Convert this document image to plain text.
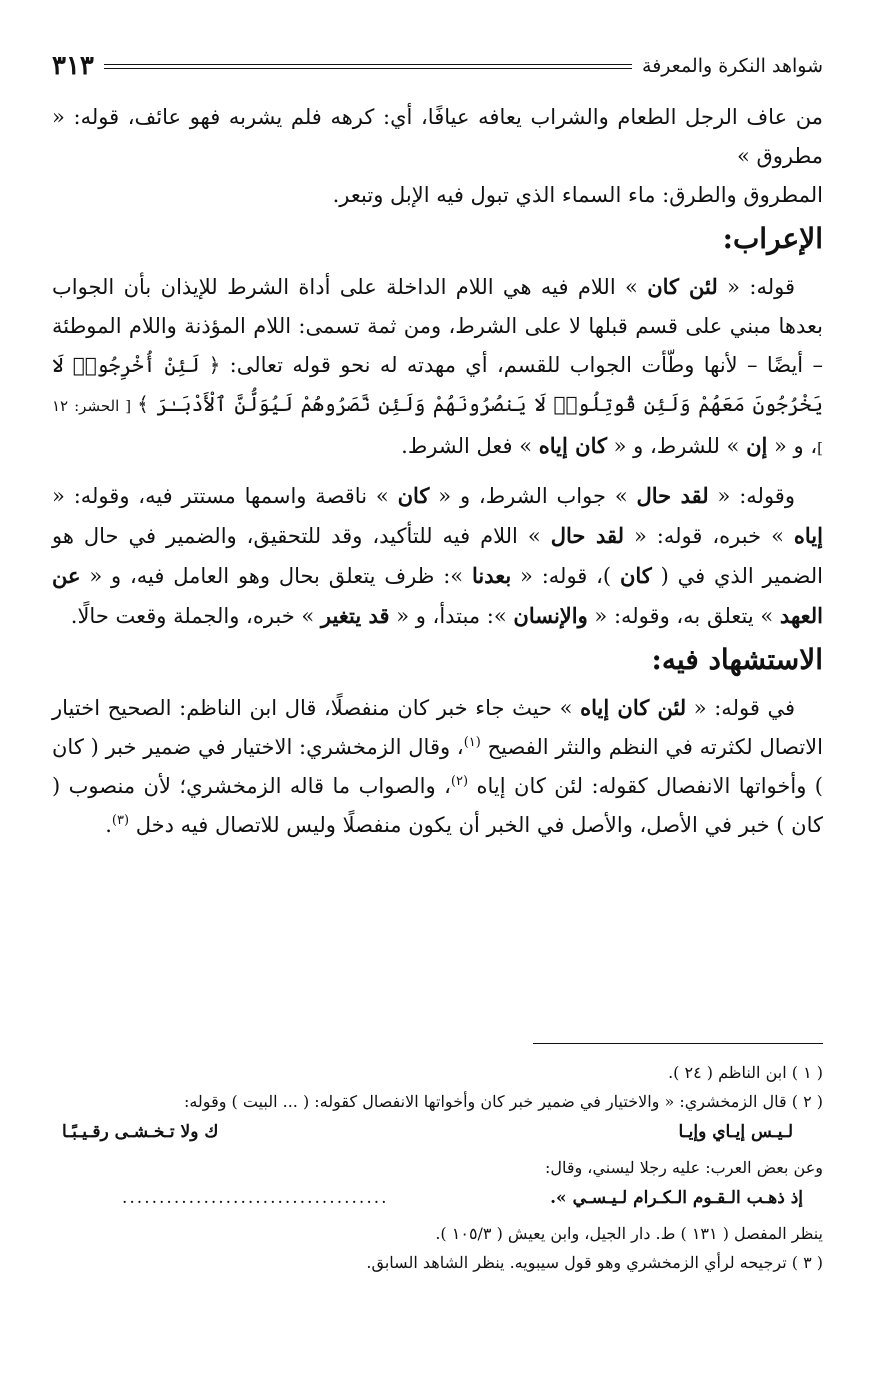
شواهد النكرة والمعرفة
٣١٣

من عاف الرجل الطعام والشراب يعافه عيافًا، أي: كرهه فلم يشربه فهو عائف، قوله: « مطروق »

المطروق والطرق: ماء السماء الذي تبول فيه الإبل وتبعر.

الإعراب:

قوله: « لئن كان » اللام فيه هي اللام الداخلة على أداة الشرط للإيذان بأن الجواب بعدها مبني على قسم قبلها لا على الشرط، ومن ثمة تسمى: اللام المؤذنة واللام الموطئة – أيضًا – لأنها وطّأت الجواب للقسم، أي مهدته له نحو قوله تعالى: ﴿ لَئِنْ أُخْرِجُوا۟ لَا يَخْرُجُونَ مَعَهُمْ وَلَئِن قُوتِلُوا۟ لَا يَنصُرُونَهُمْ وَلَئِن نَّصَرُوهُمْ لَيُوَلُّنَّ ٱلْأَدْبَـٰرَ ﴾ [ الحشر: ١٢ ]، و « إن » للشرط، و « كان إياه » فعل الشرط.

وقوله: « لقد حال » جواب الشرط، و « كان » ناقصة واسمها مستتر فيه، وقوله: « إياه » خبره، قوله: « لقد حال » اللام فيه للتأكيد، وقد للتحقيق، والضمير في حال هو الضمير الذي في ( كان )، قوله: « بعدنا »: ظرف يتعلق بحال وهو العامل فيه، و « عن العهد » يتعلق به، وقوله: « والإنسان »: مبتدأ، و « قد يتغير » خبره، والجملة وقعت حالًا.

الاستشهاد فيه:

في قوله: « لئن كان إياه » حيث جاء خبر كان منفصلًا، قال ابن الناظم: الصحيح اختيار الاتصال لكثرته في النظم والنثر الفصيح $^{(١)}$، وقال الزمخشري: الاختيار في ضمير خبر ( كان ) وأخواتها الانفصال كقوله: لئن كان إياه $^{(٢)}$، والصواب ما قاله الزمخشري؛ لأن منصوب ( كان ) خبر في الأصل، والأصل في الخبر أن يكون منفصلًا وليس للاتصال فيه دخل $^{(٣)}$.

( ١ ) ابن الناظم ( ٢٤ ).

( ٢ ) قال الزمخشري: « والاختيار في ضمير خبر كان وأخواتها الانفصال كقوله: ( ... البيت ) وقوله:

لـيـس إيـاي وإيـا
ك ولا تـخـشـى رقـيـبًـا

وعن بعض العرب: عليه رجلا ليسني، وقال:

إذ ذهـب الـقـوم الـكـرام لـيـسـي ».
....................................

ينظر المفصل ( ١٣١ ) ط. دار الجيل، وابن يعيش ( ١٠٥/٣ ).

( ٣ ) ترجيحه لرأي الزمخشري وهو قول سيبويه. ينظر الشاهد السابق.
